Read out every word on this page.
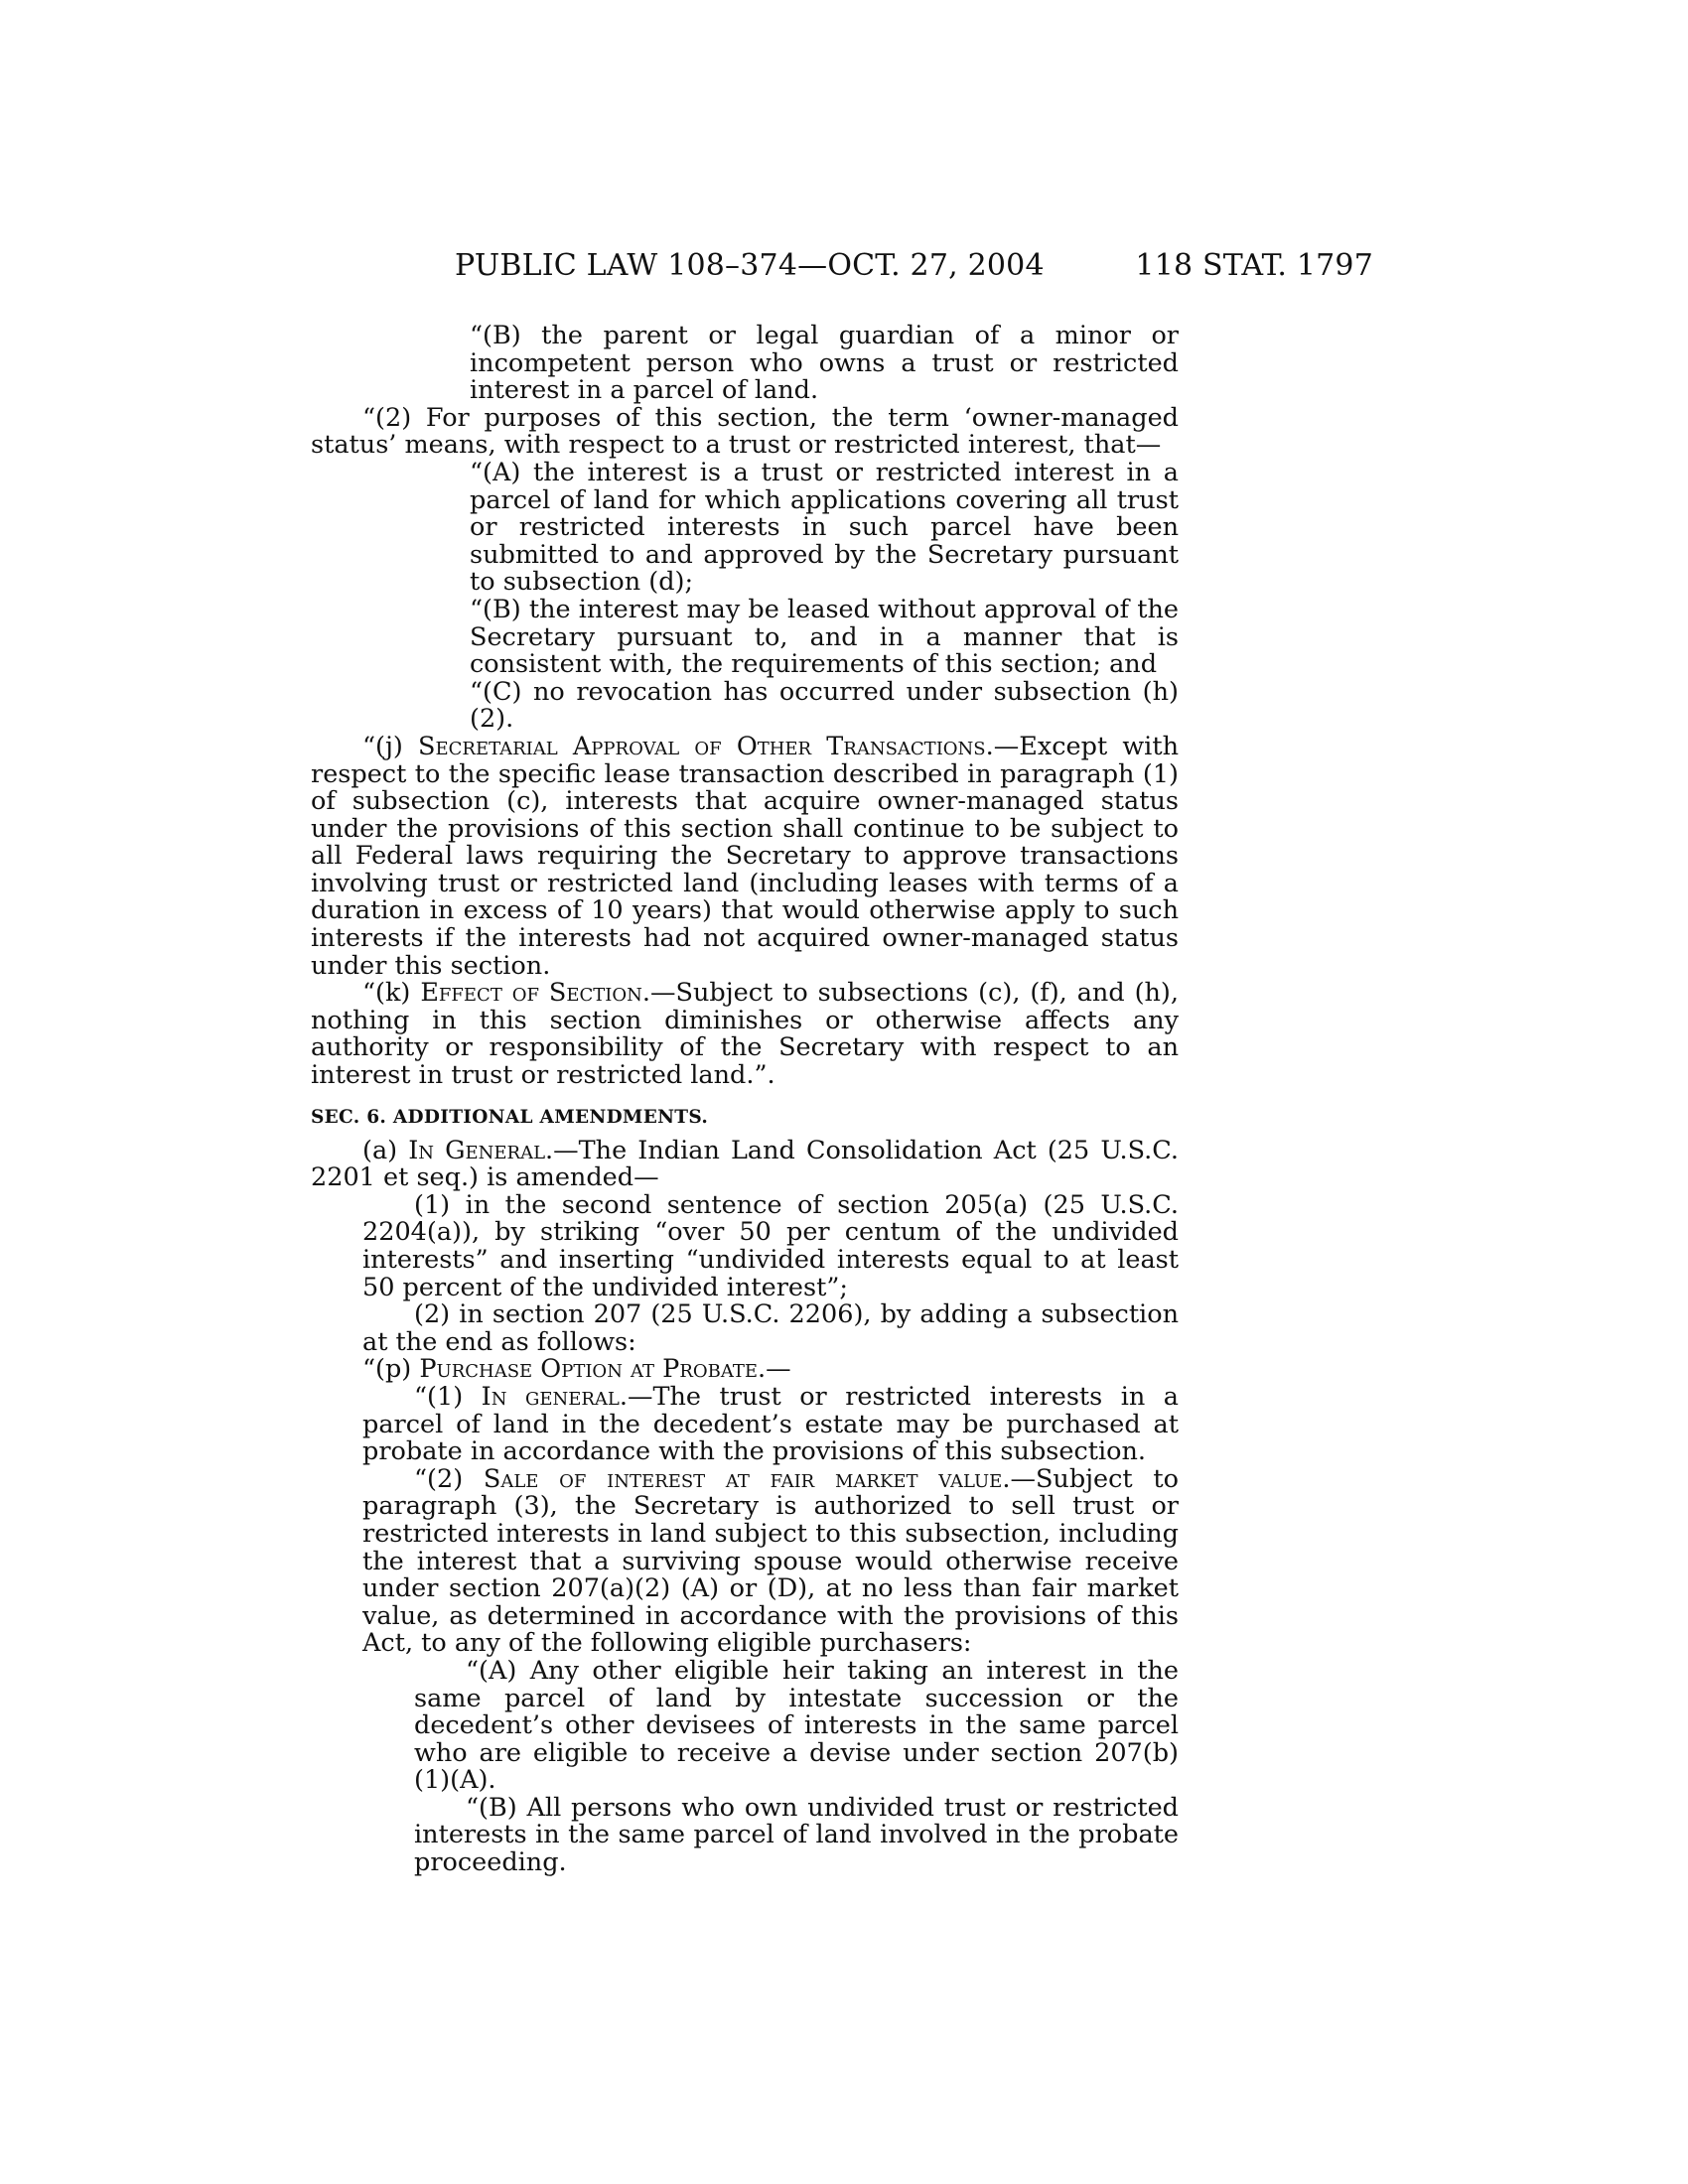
PUBLIC LAW 108–374—OCT. 27, 2004	118 STAT. 1797

“(B) the parent or legal guardian of a minor or incompetent person who owns a trust or restricted interest in a parcel of land.

“(2) For purposes of this section, the term ‘owner-managed status’ means, with respect to a trust or restricted interest, that—

“(A) the interest is a trust or restricted interest in a parcel of land for which applications covering all trust or restricted interests in such parcel have been submitted to and approved by the Secretary pursuant to subsection (d);

“(B) the interest may be leased without approval of the Secretary pursuant to, and in a manner that is consistent with, the requirements of this section; and

“(C) no revocation has occurred under subsection (h)(2).

“(j) Secretarial Approval of Other Transactions.—Except with respect to the specific lease transaction described in paragraph (1) of subsection (c), interests that acquire owner-managed status under the provisions of this section shall continue to be subject to all Federal laws requiring the Secretary to approve transactions involving trust or restricted land (including leases with terms of a duration in excess of 10 years) that would otherwise apply to such interests if the interests had not acquired owner-managed status under this section.

“(k) Effect of Section.—Subject to subsections (c), (f), and (h), nothing in this section diminishes or otherwise affects any authority or responsibility of the Secretary with respect to an interest in trust or restricted land.”.

SEC. 6. ADDITIONAL AMENDMENTS.

(a) In General.—The Indian Land Consolidation Act (25 U.S.C. 2201 et seq.) is amended—

(1) in the second sentence of section 205(a) (25 U.S.C. 2204(a)), by striking “over 50 per centum of the undivided interests” and inserting “undivided interests equal to at least 50 percent of the undivided interest”;

(2) in section 207 (25 U.S.C. 2206), by adding a subsection at the end as follows:

“(p) Purchase Option at Probate.—

“(1) In general.—The trust or restricted interests in a parcel of land in the decedent’s estate may be purchased at probate in accordance with the provisions of this subsection.

“(2) Sale of interest at fair market value.—Subject to paragraph (3), the Secretary is authorized to sell trust or restricted interests in land subject to this subsection, including the interest that a surviving spouse would otherwise receive under section 207(a)(2) (A) or (D), at no less than fair market value, as determined in accordance with the provisions of this Act, to any of the following eligible purchasers:

“(A) Any other eligible heir taking an interest in the same parcel of land by intestate succession or the decedent’s other devisees of interests in the same parcel who are eligible to receive a devise under section 207(b)(1)(A).

“(B) All persons who own undivided trust or restricted interests in the same parcel of land involved in the probate proceeding.
